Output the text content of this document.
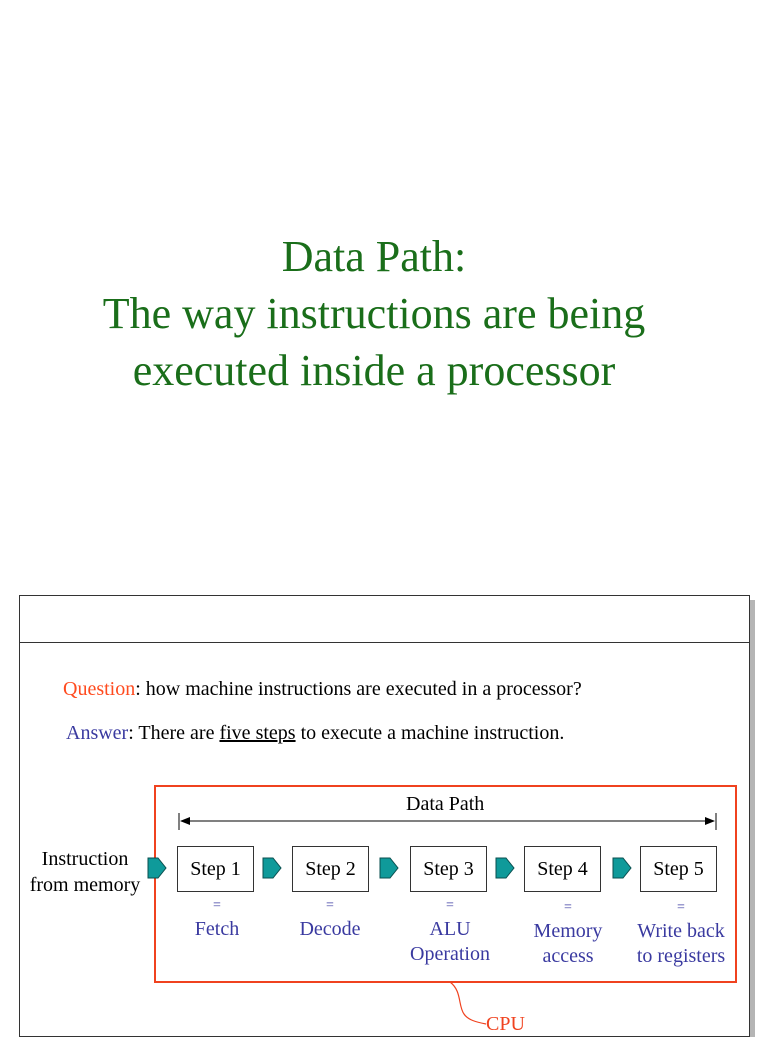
Data Path:
The way instructions are being
executed inside a processor
Question: how machine instructions are executed in a processor?
Answer: There are five steps to execute a machine instruction.
Data Path
Instruction
from memory
Step 1	Step 2	Step 3	Step 4	Step 5
=
Fetch
=
Decode
=
ALU
Operation
=
Memory
access
=
Write back
to registers
CPU
